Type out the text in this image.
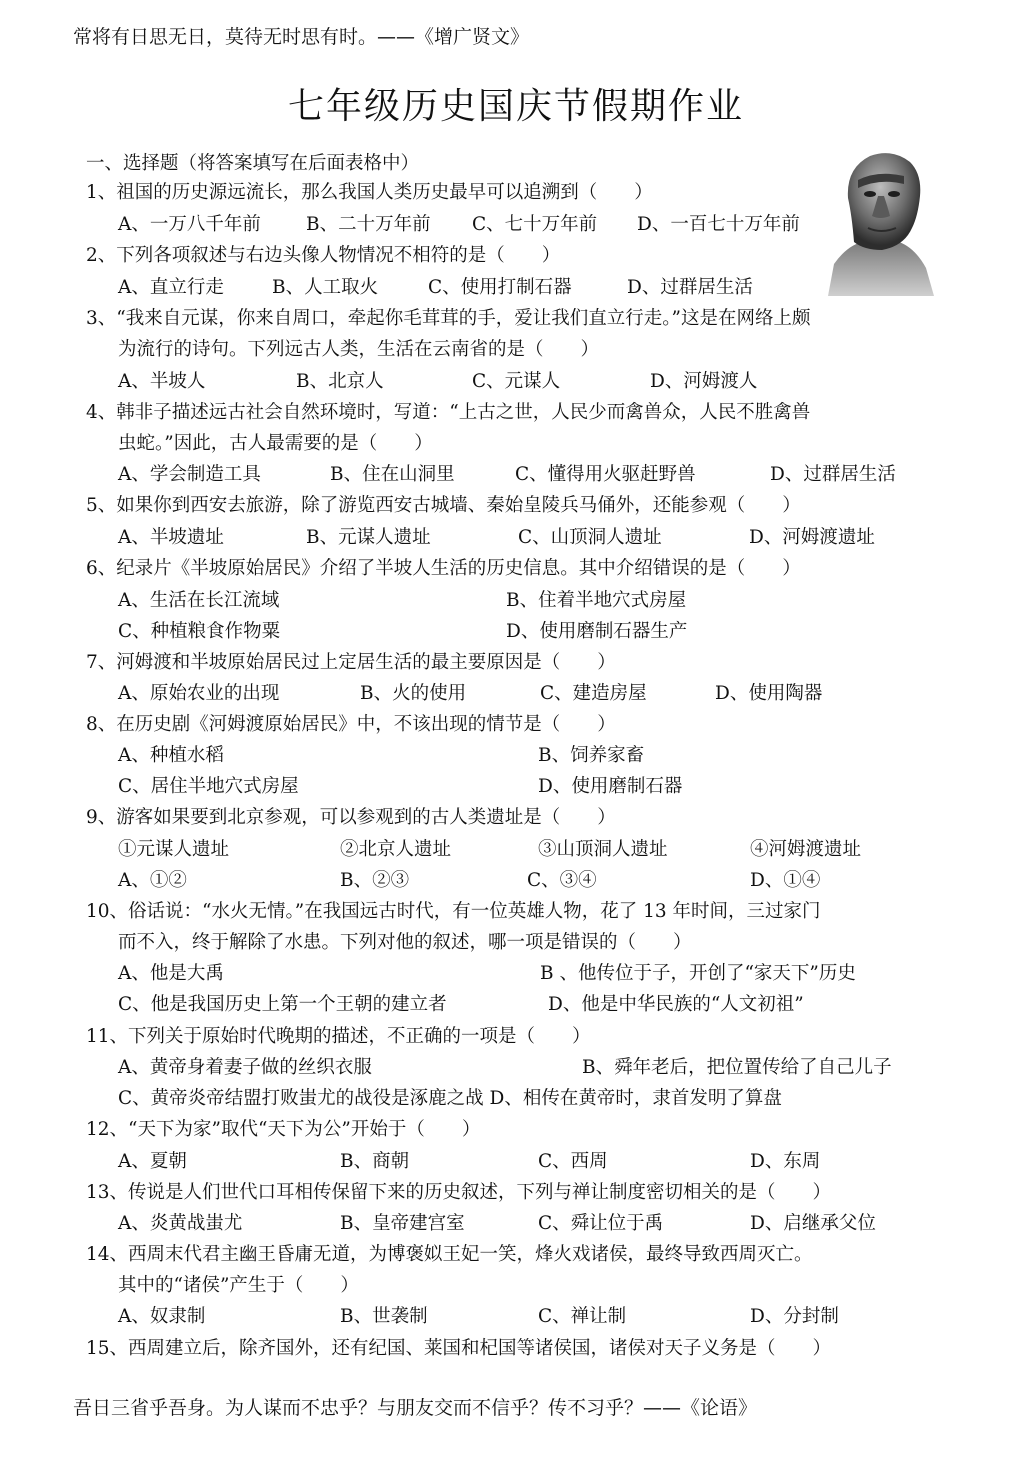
常将有日思无日，莫待无时思有时。——《增广贤文》
七年级历史国庆节假期作业
一、选择题（将答案填写在后面表格中）
1、祖国的历史源远流长，那么我国人类历史最早可以追溯到（　　）
A、一万八千年前 B、二十万年前 C、七十万年前 D、一百七十万年前
2、下列各项叙述与右边头像人物情况不相符的是（　　）
A、直立行走	B、人工取火	C、使用打制石器	D、过群居生活
3、“我来自元谋，你来自周口，牵起你毛茸茸的手，爱让我们直立行走。”这是在网络上颇
为流行的诗句。下列远古人类，生活在云南省的是（　　）
A、半坡人	B、北京人	C、元谋人	D、河姆渡人
4、韩非子描述远古社会自然环境时，写道：“上古之世，人民少而禽兽众，人民不胜禽兽
虫蛇。”因此，古人最需要的是（　　）
A、学会制造工具	B、住在山洞里	C、懂得用火驱赶野兽	D、过群居生活
5、如果你到西安去旅游，除了游览西安古城墙、秦始皇陵兵马俑外，还能参观（　　）
A、半坡遗址	B、元谋人遗址	C、山顶洞人遗址	D、河姆渡遗址
6、纪录片《半坡原始居民》介绍了半坡人生活的历史信息。其中介绍错误的是（　　）
A、生活在长江流域	B、住着半地穴式房屋
C、种植粮食作物粟	D、使用磨制石器生产
7、河姆渡和半坡原始居民过上定居生活的最主要原因是（　　）
A、原始农业的出现	B、火的使用	C、建造房屋	D、使用陶器
8、在历史剧《河姆渡原始居民》中，不该出现的情节是（　　）
A、种植水稻	B、饲养家畜
C、居住半地穴式房屋	D、使用磨制石器
9、游客如果要到北京参观，可以参观到的古人类遗址是（　　）
①元谋人遗址	②北京人遗址	③山顶洞人遗址	④河姆渡遗址
A、①②	B、②③	C、③④	D、①④
10、俗话说：“水火无情。”在我国远古时代，有一位英雄人物，花了 13 年时间，三过家门
而不入，终于解除了水患。下列对他的叙述，哪一项是错误的（　　）
A、他是大禹	B 、他传位于子，开创了“家天下”历史
C、他是我国历史上第一个王朝的建立者	D、他是中华民族的“人文初祖”
11、下列关于原始时代晚期的描述，不正确的一项是（　　）
A、黄帝身着妻子做的丝织衣服	B、舜年老后，把位置传给了自己儿子
C、黄帝炎帝结盟打败蚩尤的战役是涿鹿之战 D、相传在黄帝时，隶首发明了算盘
12、“天下为家”取代“天下为公”开始于（　　）
A、夏朝	B、商朝	C、西周	D、东周
13、传说是人们世代口耳相传保留下来的历史叙述，下列与禅让制度密切相关的是（　　）
A、炎黄战蚩尤	B、皇帝建宫室	C、舜让位于禹	D、启继承父位
14、西周末代君主幽王昏庸无道，为博褒姒王妃一笑，烽火戏诸侯，最终导致西周灭亡。
其中的“诸侯”产生于（　　）
A、奴隶制	B、世袭制	C、禅让制	D、分封制
15、西周建立后，除齐国外，还有纪国、莱国和杞国等诸侯国，诸侯对天子义务是（　　）
吾日三省乎吾身。为人谋而不忠乎？与朋友交而不信乎？传不习乎？——《论语》
